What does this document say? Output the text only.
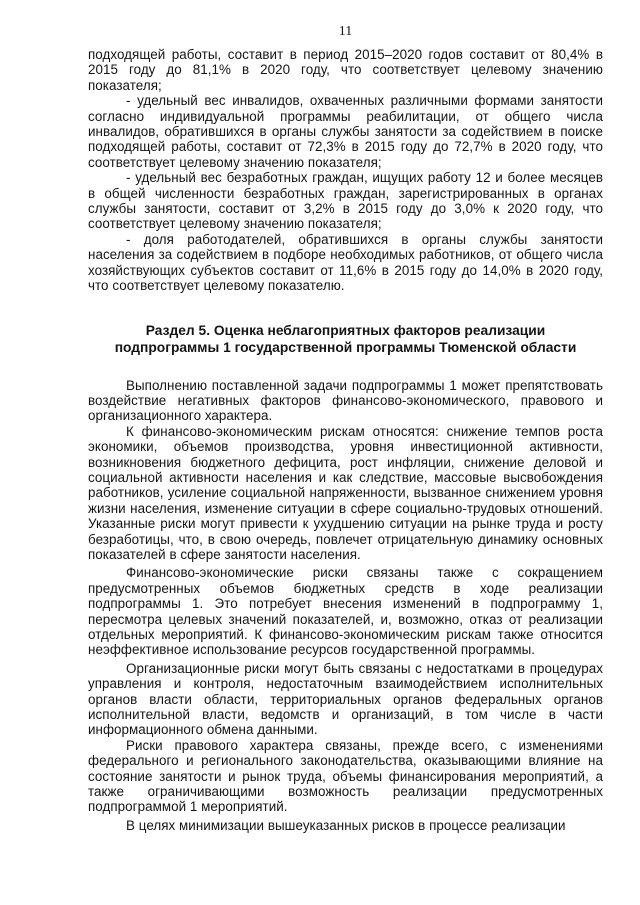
11

подходящей работы, составит в период 2015–2020 годов составит от 80,4% в 2015 году до 81,1% в 2020 году, что соответствует целевому значению показателя;

- удельный вес инвалидов, охваченных различными формами занятости согласно индивидуальной программы реабилитации, от общего числа инвалидов, обратившихся в органы службы занятости за содействием в поиске подходящей работы, составит от 72,3% в 2015 году до 72,7% в 2020 году, что соответствует целевому значению показателя;

- удельный вес безработных граждан, ищущих работу 12 и более месяцев в общей численности безработных граждан, зарегистрированных в органах службы занятости, составит от 3,2% в 2015 году до 3,0% к 2020 году, что соответствует целевому значению показателя;

- доля работодателей, обратившихся в органы службы занятости населения за содействием в подборе необходимых работников, от общего числа хозяйствующих субъектов составит от 11,6% в 2015 году до 14,0% в 2020 году, что соответствует целевому показателю.

Раздел 5. Оценка неблагоприятных факторов реализации
подпрограммы 1 государственной программы Тюменской области

Выполнению поставленной задачи подпрограммы 1 может препятствовать воздействие негативных факторов финансово-экономического, правового и организационного характера.

К финансово-экономическим рискам относятся: снижение темпов роста экономики, объемов производства, уровня инвестиционной активности, возникновения бюджетного дефицита, рост инфляции, снижение деловой и социальной активности населения и как следствие, массовые высвобождения работников, усиление социальной напряженности, вызванное снижением уровня жизни населения, изменение ситуации в сфере социально-трудовых отношений. Указанные риски могут привести к ухудшению ситуации на рынке труда и росту безработицы, что, в свою очередь, повлечет отрицательную динамику основных показателей в сфере занятости населения.

Финансово-экономические риски связаны также с сокращением предусмотренных объемов бюджетных средств в ходе реализации подпрограммы 1. Это потребует внесения изменений в подпрограмму 1, пересмотра целевых значений показателей, и, возможно, отказ от реализации отдельных мероприятий. К финансово-экономическим рискам также относится неэффективное использование ресурсов государственной программы.

Организационные риски могут быть связаны с недостатками в процедурах управления и контроля, недостаточным взаимодействием исполнительных органов власти области, территориальных органов федеральных органов исполнительной власти, ведомств и организаций, в том числе в части информационного обмена данными.

Риски правового характера связаны, прежде всего, с изменениями федерального и регионального законодательства, оказывающими влияние на состояние занятости и рынок труда, объемы финансирования мероприятий, а также ограничивающими возможность реализации предусмотренных подпрограммой 1 мероприятий.

В целях минимизации вышеуказанных рисков в процессе реализации
